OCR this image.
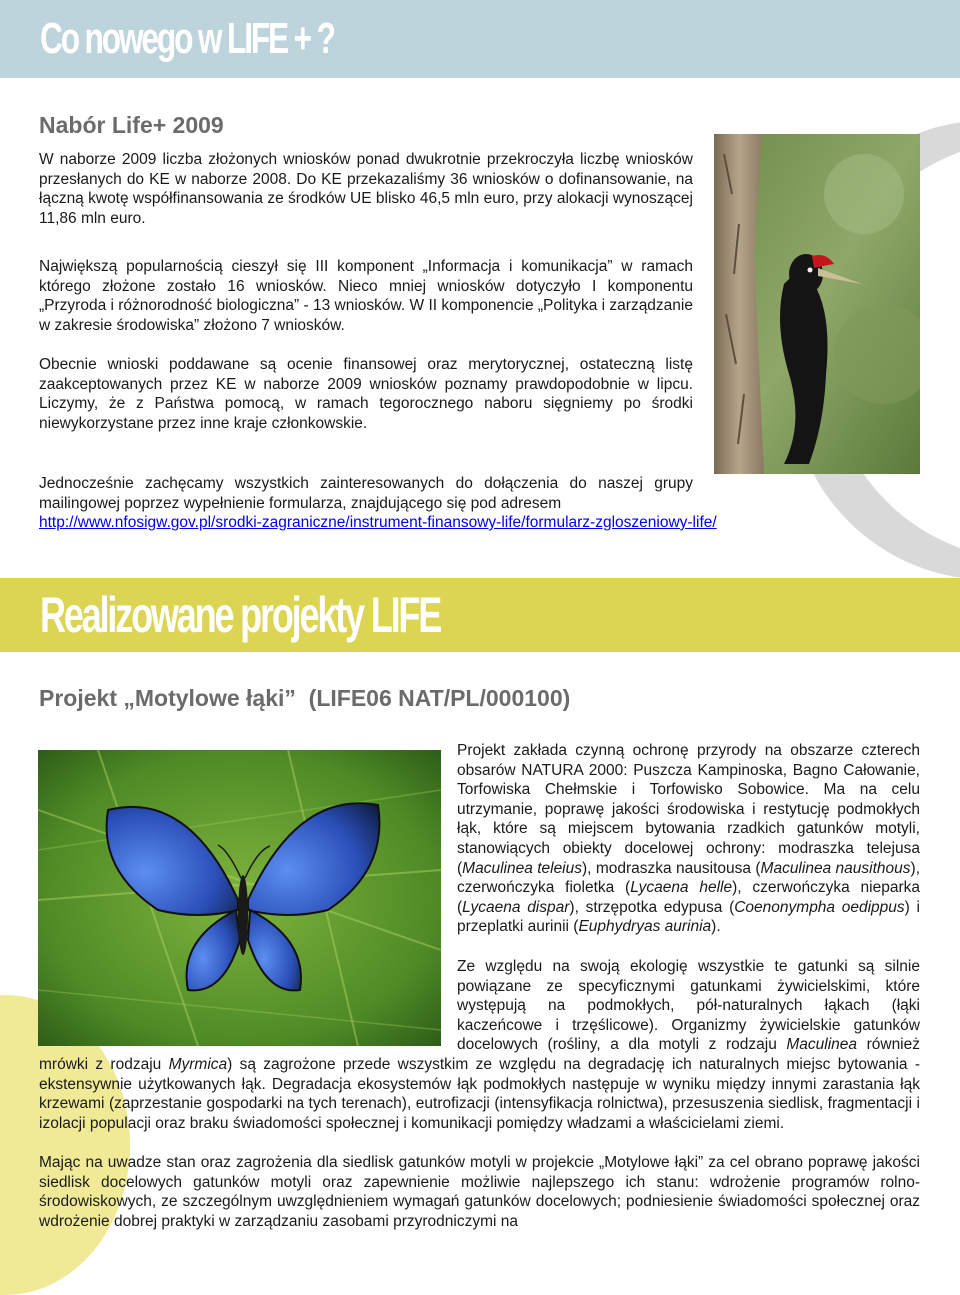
Co nowego w LIFE + ?
Nabór Life+ 2009

W naborze 2009 liczba złożonych wniosków ponad dwukrotnie przekroczyła liczbę wniosków przesłanych do KE w naborze 2008. Do KE przekazaliśmy 36 wniosków o dofinansowanie, na łączną kwotę współfinansowania ze środków UE blisko 46,5 mln euro, przy alokacji wynoszącej 11,86 mln euro.

Największą popularnością cieszył się III komponent „Informacja i komunikacja” w ramach którego złożone zostało 16 wniosków. Nieco mniej wniosków dotyczyło I komponentu „Przyroda i różnorodność biologiczna” - 13 wniosków. W II komponencie „Polityka i zarządzanie w zakresie środowiska” złożono 7 wniosków.

Obecnie wnioski poddawane są ocenie finansowej oraz merytorycznej, ostateczną listę zaakceptowanych przez KE w naborze 2009 wniosków poznamy prawdopodobnie w lipcu. Liczymy, że z Państwa pomocą, w ramach tegorocznego naboru sięgniemy po środki niewykorzystane przez inne kraje członkowskie.

Jednocześnie zachęcamy wszystkich zainteresowanych do dołączenia do naszej grupy mailingowej poprzez wypełnienie formularza, znajdującego się pod adresem

http://www.nfosigw.gov.pl/srodki-zagraniczne/instrument-finansowy-life/formularz-zgloszeniowy-life/
Realizowane projekty LIFE
Projekt „Motylowe łąki”  (LIFE06 NAT/PL/000100)

Projekt zakłada czynną ochronę przyrody na obszarze czterech obsarów NATURA 2000: Puszcza Kampinoska, Bagno Całowanie, Torfowiska Chełmskie i Torfowisko Sobowice. Ma na celu utrzymanie, poprawę jakości środowiska i restytucję podmokłych łąk, które są miejscem bytowania rzadkich gatunków motyli, stanowiących obiekty docelowej ochrony: modraszka telejusa (Maculinea teleius), modraszka nausitousa (Maculinea nausithous), czerwończyka fioletka (Lycaena helle), czerwończyka nieparka (Lycaena dispar), strzępotka edypusa (Coenonympha oedippus) i przeplatki aurinii (Euphydryas aurinia).

Ze względu na swoją ekologię wszystkie te gatunki są silnie powiązane ze specyficznymi gatunkami żywicielskimi, które występują na podmokłych, pół-naturalnych łąkach (łąki kaczeńcowe i trzęślicowe). Organizmy żywicielskie gatunków docelowych (rośliny, a dla motyli z rodzaju Maculinea również mrówki z rodzaju Myrmica) są zagrożone przede wszystkim ze względu na degradację ich naturalnych miejsc bytowania - ekstensywnie użytkowanych łąk. Degradacja ekosystemów łąk podmokłych następuje w wyniku między innymi zarastania łąk krzewami (zaprzestanie gospodarki na tych terenach), eutrofizacji (intensyfikacja rolnictwa), przesuszenia siedlisk, fragmentacji i izolacji populacji oraz braku świadomości społecznej i komunikacji pomiędzy władzami a właścicielami ziemi.

Mając na uwadze stan oraz zagrożenia dla siedlisk gatunków motyli w projekcie „Motylowe łąki” za cel obrano poprawę jakości siedlisk docelowych gatunków motyli oraz zapewnienie możliwie najlepszego ich stanu: wdrożenie programów rolno-środowiskowych, ze szczególnym uwzględnieniem wymagań gatunków docelowych; podniesienie świadomości społecznej oraz wdrożenie dobrej praktyki w zarządzaniu zasobami przyrodniczymi na
